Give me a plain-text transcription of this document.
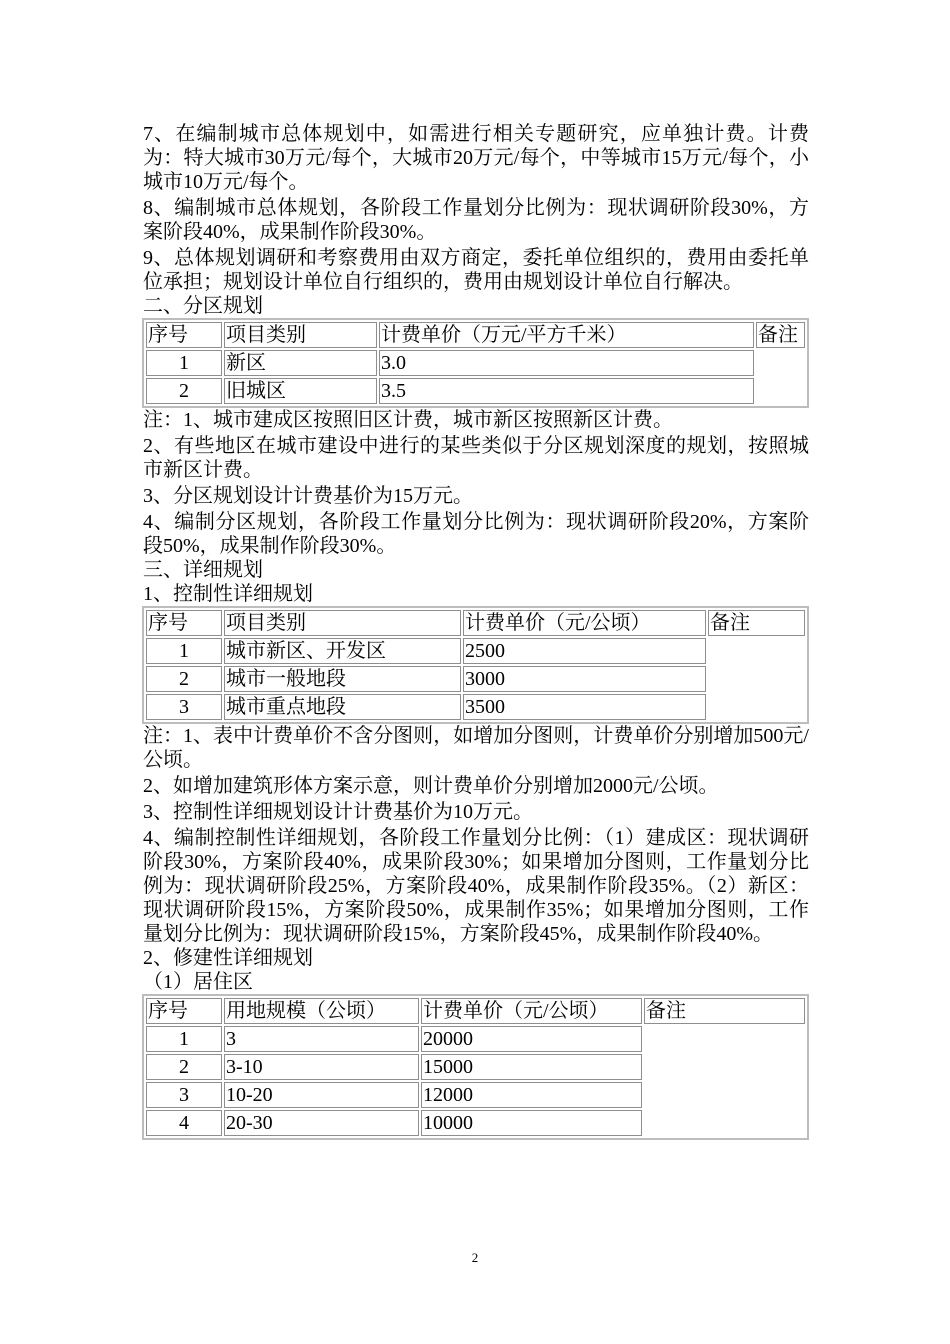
7、在编制城市总体规划中，如需进行相关专题研究，应单独计费。计费为：特大城市30万元/每个，大城市20万元/每个，中等城市15万元/每个，小城市10万元/每个。

8、编制城市总体规划，各阶段工作量划分比例为：现状调研阶段30%，方案阶段40%，成果制作阶段30%。

9、总体规划调研和考察费用由双方商定，委托单位组织的，费用由委托单位承担；规划设计单位自行组织的，费用由规划设计单位自行解决。

二、分区规划

序号	项目类别	计费单价（万元/平方千米）	备注
1	新区	3.0	
2	旧城区	3.5	

注：1、城市建成区按照旧区计费，城市新区按照新区计费。

2、有些地区在城市建设中进行的某些类似于分区规划深度的规划，按照城市新区计费。

3、分区规划设计计费基价为15万元。

4、编制分区规划，各阶段工作量划分比例为：现状调研阶段20%，方案阶段50%，成果制作阶段30%。

三、详细规划

1、控制性详细规划

序号	项目类别	计费单价（元/公顷）	备注
1	城市新区、开发区	2500	
2	城市一般地段	3000	
3	城市重点地段	3500	

注：1、表中计费单价不含分图则，如增加分图则，计费单价分别增加500元/公顷。

2、如增加建筑形体方案示意，则计费单价分别增加2000元/公顷。

3、控制性详细规划设计计费基价为10万元。

4、编制控制性详细规划，各阶段工作量划分比例：（1）建成区：现状调研阶段30%，方案阶段40%，成果阶段30%；如果增加分图则，工作量划分比例为：现状调研阶段25%，方案阶段40%，成果制作阶段35%。（2）新区：现状调研阶段15%，方案阶段50%，成果制作35%；如果增加分图则，工作量划分比例为：现状调研阶段15%，方案阶段45%，成果制作阶段40%。

2、修建性详细规划

（1）居住区

序号	用地规模（公顷）	计费单价（元/公顷）	备注
1	3	20000	
2	3-10	15000	
3	10-20	12000	
4	20-30	10000	
2
